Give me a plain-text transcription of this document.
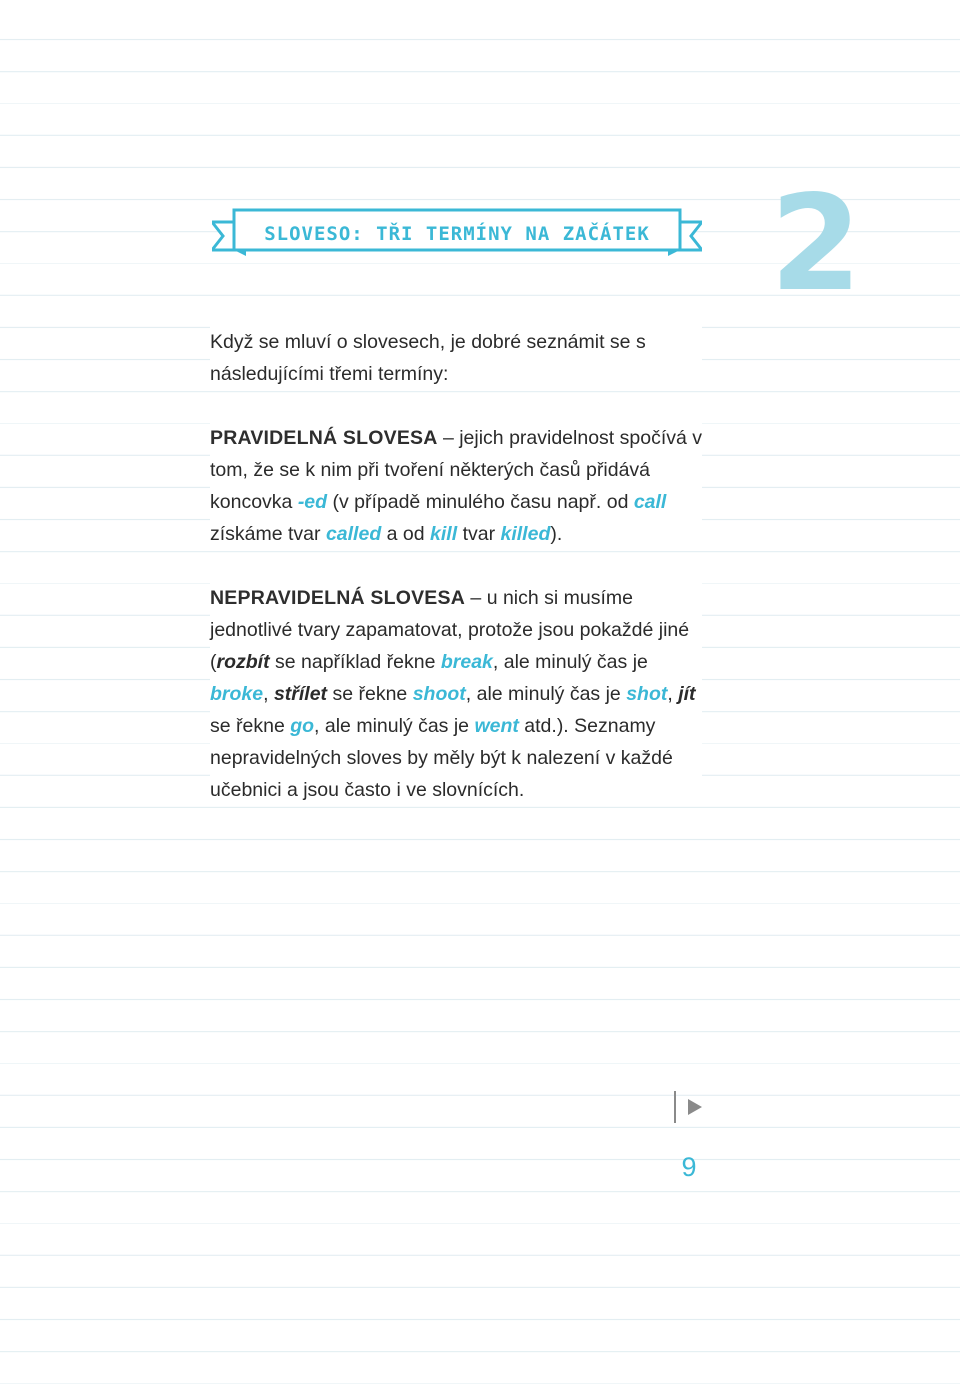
SLOVESO: TŘI TERMÍNY NA ZAČÁTEK 2

Když se mluví o slovesech, je dobré seznámit se s následujícími třemi termíny:

PRAVIDELNÁ SLOVESA – jejich pravidelnost spočívá v tom, že se k nim při tvoření některých časů přidává koncovka -ed (v případě minulého času např. od call získáme tvar called a od kill tvar killed).

NEPRAVIDELNÁ SLOVESA – u nich si musíme jednotlivé tvary zapamatovat, protože jsou pokaždé jiné (rozbít se například řekne break, ale minulý čas je broke, střílet se řekne shoot, ale minulý čas je shot, jít se řekne go, ale minulý čas je went atd.). Seznamy nepravidelných sloves by měly být k nalezení v každé učebnici a jsou často i ve slovnících.

9
